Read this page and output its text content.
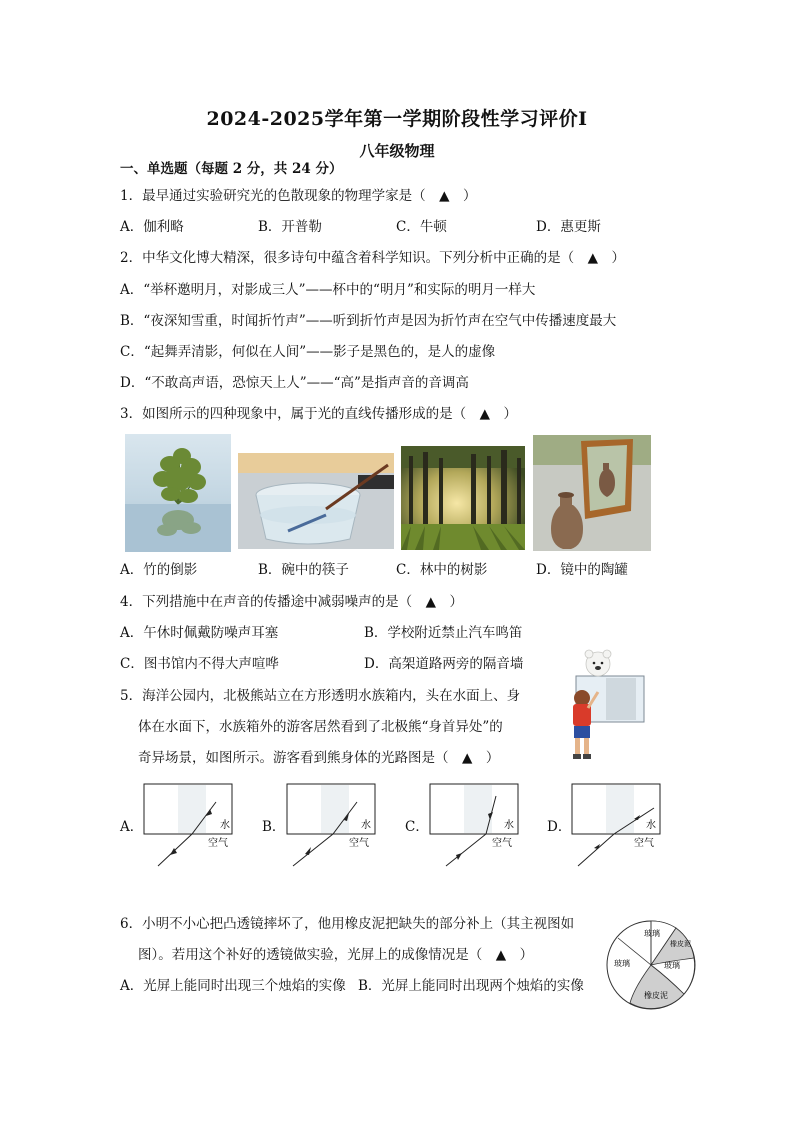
2024-2025学年第一学期阶段性学习评价Ⅰ
八年级物理
一、单选题（每题 2 分，共 24 分）
1．最早通过实验研究光的色散现象的物理学家是（　▲　）
A．伽利略	B．开普勒	C．牛顿	D．惠更斯
2．中华文化博大精深，很多诗句中蕴含着科学知识。下列分析中正确的是（　▲　）
A．“举杯邀明月，对影成三人”——杯中的“明月”和实际的明月一样大
B．“夜深知雪重，时闻折竹声”——听到折竹声是因为折竹声在空气中传播速度最大
C．“起舞弄清影，何似在人间”——影子是黑色的，是人的虚像
D．“不敢高声语，恐惊天上人”——“高”是指声音的音调高
3．如图所示的四种现象中，属于光的直线传播形成的是（　▲　）
A．竹的倒影	B．碗中的筷子	C．林中的树影	D．镜中的陶罐
4．下列措施中在声音的传播途中减弱噪声的是（　▲　）
A．午休时佩戴防噪声耳塞	B．学校附近禁止汽车鸣笛
C．图书馆内不得大声喧哗	D．高架道路两旁的隔音墙
5．海洋公园内，北极熊站立在方形透明水族箱内，头在水面上、身
体在水面下，水族箱外的游客居然看到了北极熊“身首异处”的
奇异场景，如图所示。游客看到熊身体的光路图是（　▲　）
A．	水
空气
B．	水
空气
C．	水
空气
D．	水
空气
6．小明不小心把凸透镜摔坏了，他用橡皮泥把缺失的部分补上（其主视图如
图）。若用这个补好的透镜做实验，光屏上的成像情况是（　▲　）
A．光屏上能同时出现三个烛焰的实像 B．光屏上能同时出现两个烛焰的实像
玻璃
玻璃	玻璃
橡皮泥
橡皮泥
